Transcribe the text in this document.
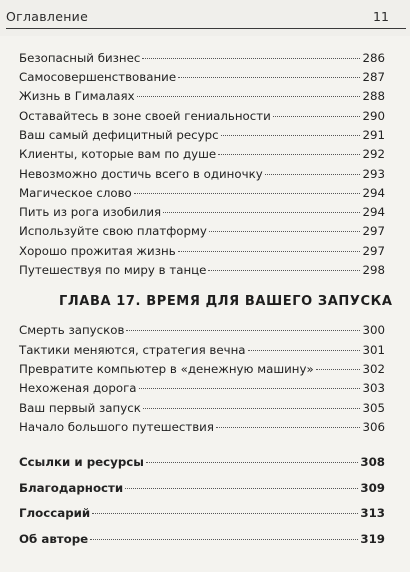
Оглавление	11
Безопасный бизнес	286
Самосовершенствование	287
Жизнь в Гималаях	288
Оставайтесь в зоне своей гениальности	290
Ваш самый дефицитный ресурс	291
Клиенты, которые вам по душе	292
Невозможно достичь всего в одиночку	293
Магическое слово	294
Пить из рога изобилия	294
Используйте свою платформу	297
Хорошо прожитая жизнь	297
Путешествуя по миру в танце	298
ГЛАВА 17. ВРЕМЯ ДЛЯ ВАШЕГО ЗАПУСКА
Смерть запусков	300
Тактики меняются, стратегия вечна	301
Превратите компьютер в «денежную машину»	302
Нехоженая дорога	303
Ваш первый запуск	305
Начало большого путешествия	306
Ссылки и ресурсы	308
Благодарности	309
Глоссарий	313
Об авторе	319
